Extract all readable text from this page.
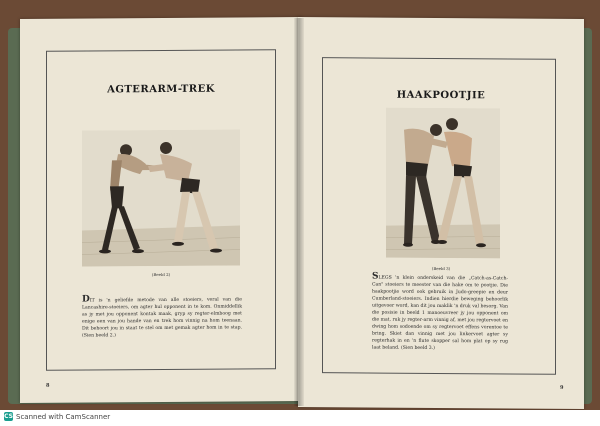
AGTERARM-TREK
(Beeld 2)
DIT is 'n geliefde metode van alle stoeiers, veral van die Lancashire-stoeiers, om agter hul opponent in te kom. Onmiddellik as jy met jou opponent kontak maak, gryp sy regter-elmboog met enige een van jou hande van en trek hom vinnig na hom teenaan. Dit behoort jou in staat te stel om met gemak agter hom in te stap. (Sien beeld 2.)
8
HAAKPOOTJIE
(Beeld 3)
SLEGS 'n klein onderskeid van die „Catch-as-Catch-Can" stoeiers te meester van die hake om te pootjie. Die haakpootjie word ook gebruik in Judo-greepie en deur Cumberland-stoeiers. Indien hierdie beweging behoorlik uitgevoer word, kan dit jou maklik 'n druk val besorg. Van die posisie in beeld 1 manoeuvreer jy jou opponent om die mat, ruk jy regter-arm vinnig af, met jou regtervoet en dwing hom sodoende om sy regtervoet effens vorentoe te bring. Skiet dan vinnig met jou linkervoet agter sy regterhak in en 'n flute skopper sal hom plat op sy rug laat beland. (Sien beeld 3.)
9
CS Scanned with CamScanner
